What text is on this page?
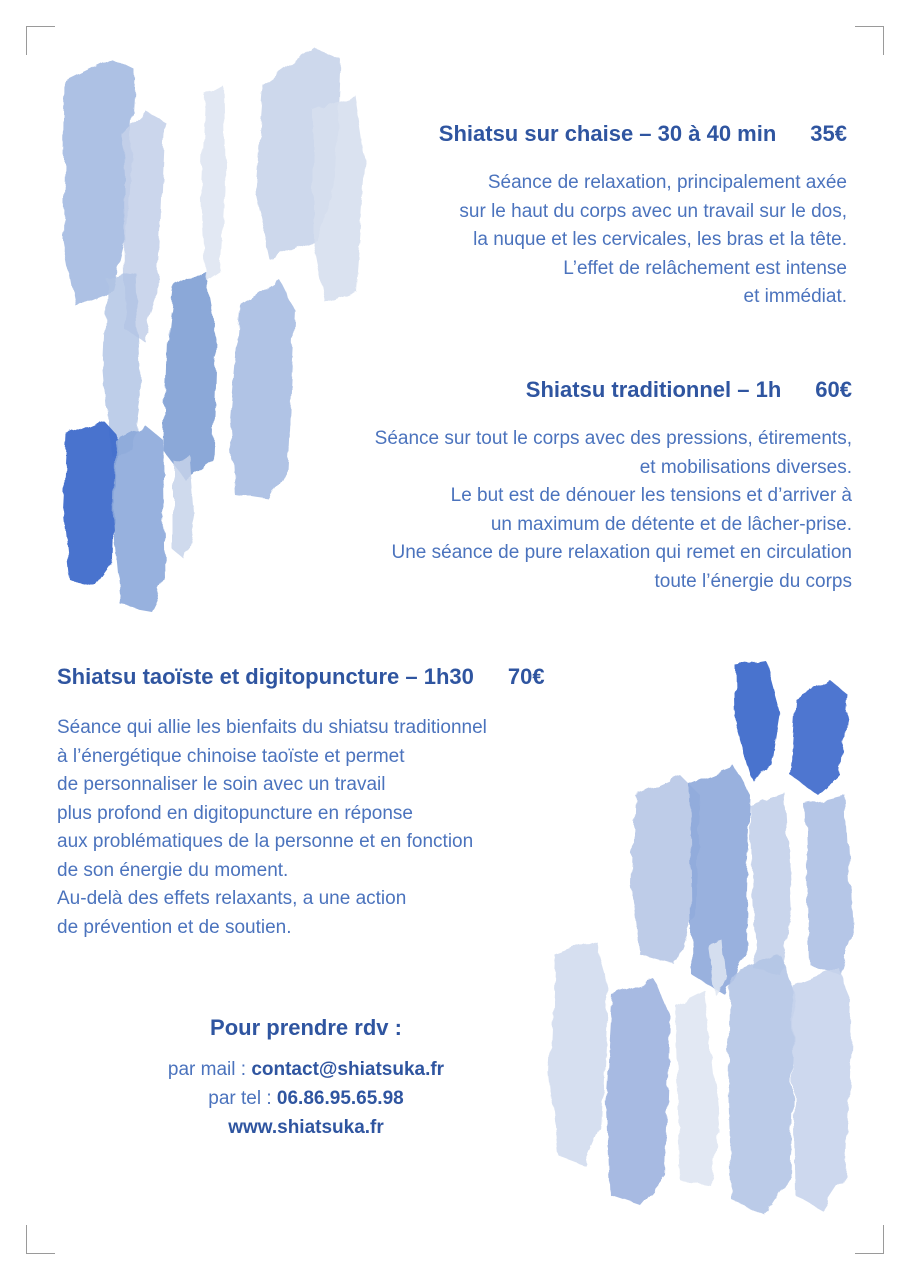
Shiatsu sur chaise – 30 à 40 min 35€
Séance de relaxation, principalement axée
sur le haut du corps avec un travail sur le dos,
la nuque et les cervicales, les bras et la tête.
L’effet de relâchement est intense
et immédiat.
Shiatsu traditionnel – 1h 60€
Séance sur tout le corps avec des pressions, étirements,
et mobilisations diverses.
Le but est de dénouer les tensions et d’arriver à
un maximum de détente et de lâcher-prise.
Une séance de pure relaxation qui remet en circulation
toute l’énergie du corps
Shiatsu taoïste et digitopuncture – 1h30 70€
Séance qui allie les bienfaits du shiatsu traditionnel
à l’énergétique chinoise taoïste et permet
de personnaliser le soin avec un travail
plus profond en digitopuncture en réponse
aux problématiques de la personne et en fonction
de son énergie du moment.
Au-delà des effets relaxants, a une action
de prévention et de soutien.
Pour prendre rdv :
par mail : contact@shiatsuka.fr
par tel : 06.86.95.65.98
www.shiatsuka.fr
